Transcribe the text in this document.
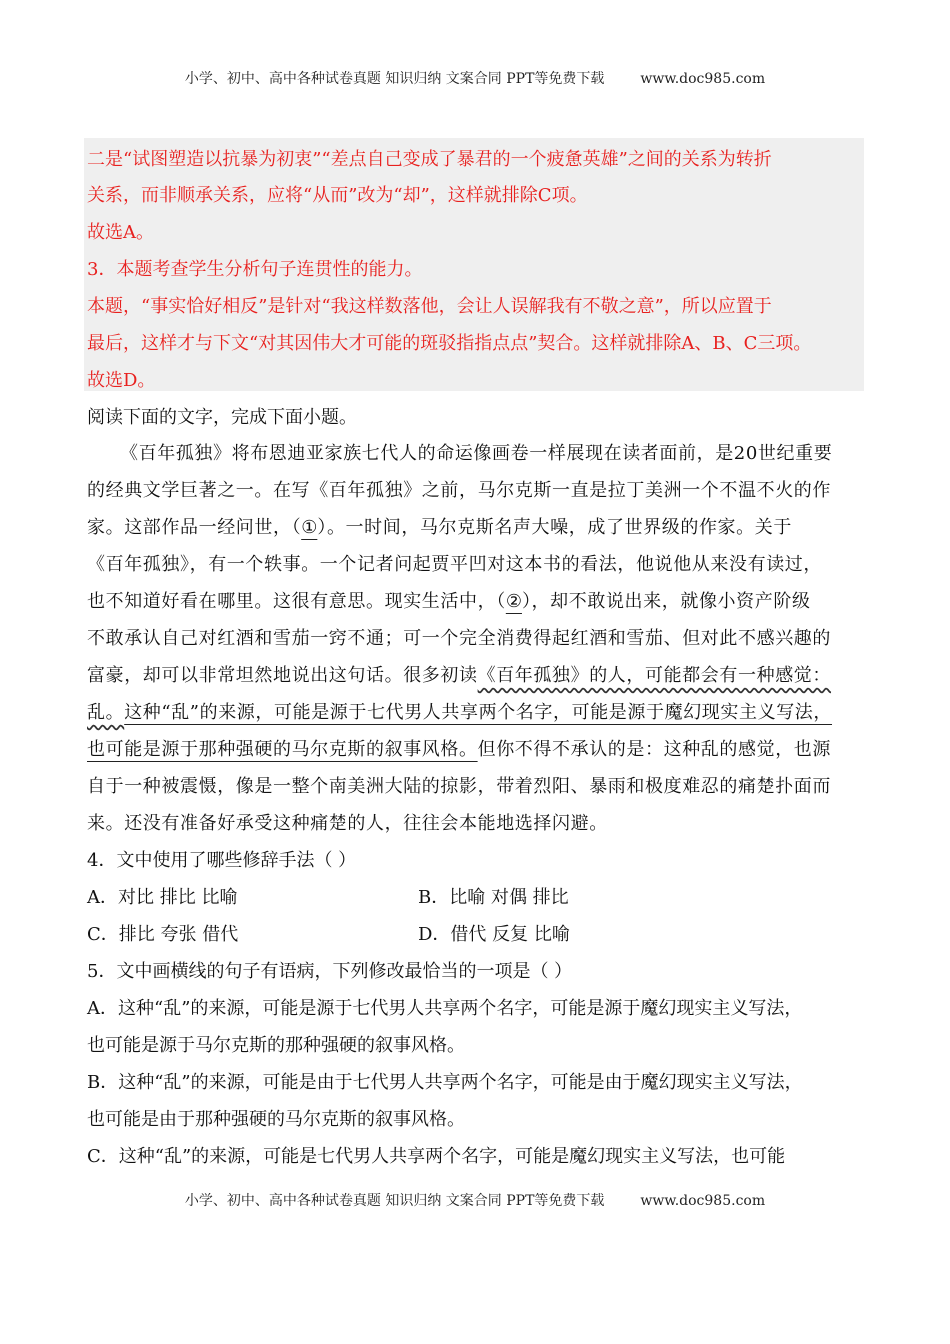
小学、初中、高中各种试卷真题 知识归纳 文案合同 PPT等免费下载	www.doc985.com
二是“试图塑造以抗暴为初衷”“差点自己变成了暴君的一个疲惫英雄”之间的关系为转折
关系，而非顺承关系，应将“从而”改为“却”，这样就排除C项。
故选A。
3．本题考查学生分析句子连贯性的能力。
本题，“事实恰好相反”是针对“我这样数落他，会让人误解我有不敬之意”，所以应置于
最后，这样才与下文“对其因伟大才可能的斑驳指指点点”契合。这样就排除A、B、C三项。
故选D。
阅读下面的文字，完成下面小题。
《百年孤独》将布恩迪亚家族七代人的命运像画卷一样展现在读者面前，是20世纪重要
的经典文学巨著之一。在写《百年孤独》之前，马尔克斯一直是拉丁美洲一个不温不火的作
家。这部作品一经问世，（①）。一时间，马尔克斯名声大噪，成了世界级的作家。关于
《百年孤独》，有一个轶事。一个记者问起贾平凹对这本书的看法，他说他从来没有读过，
也不知道好看在哪里。这很有意思。现实生活中，（②），却不敢说出来，就像小资产阶级
不敢承认自己对红酒和雪茄一窍不通；可一个完全消费得起红酒和雪茄、但对此不感兴趣的
富豪，却可以非常坦然地说出这句话。很多初读《百年孤独》的人，可能都会有一种感觉：
乱。这种“乱”的来源，可能是源于七代男人共享两个名字，可能是源于魔幻现实主义写法，
也可能是源于那种强硬的马尔克斯的叙事风格。但你不得不承认的是：这种乱的感觉，也源
自于一种被震慑，像是一整个南美洲大陆的掠影，带着烈阳、暴雨和极度难忍的痛楚扑面而
来。还没有准备好承受这种痛楚的人，往往会本能地选择闪避。
4．文中使用了哪些修辞手法（ ）
A．对比 排比 比喻	B．比喻 对偶 排比
C．排比 夸张 借代	D．借代 反复 比喻
5．文中画横线的句子有语病，下列修改最恰当的一项是（ ）
A．这种“乱”的来源，可能是源于七代男人共享两个名字，可能是源于魔幻现实主义写法，
也可能是源于马尔克斯的那种强硬的叙事风格。
B．这种“乱”的来源，可能是由于七代男人共享两个名字，可能是由于魔幻现实主义写法，
也可能是由于那种强硬的马尔克斯的叙事风格。
C．这种“乱”的来源，可能是七代男人共享两个名字，可能是魔幻现实主义写法，也可能
小学、初中、高中各种试卷真题 知识归纳 文案合同 PPT等免费下载	www.doc985.com
